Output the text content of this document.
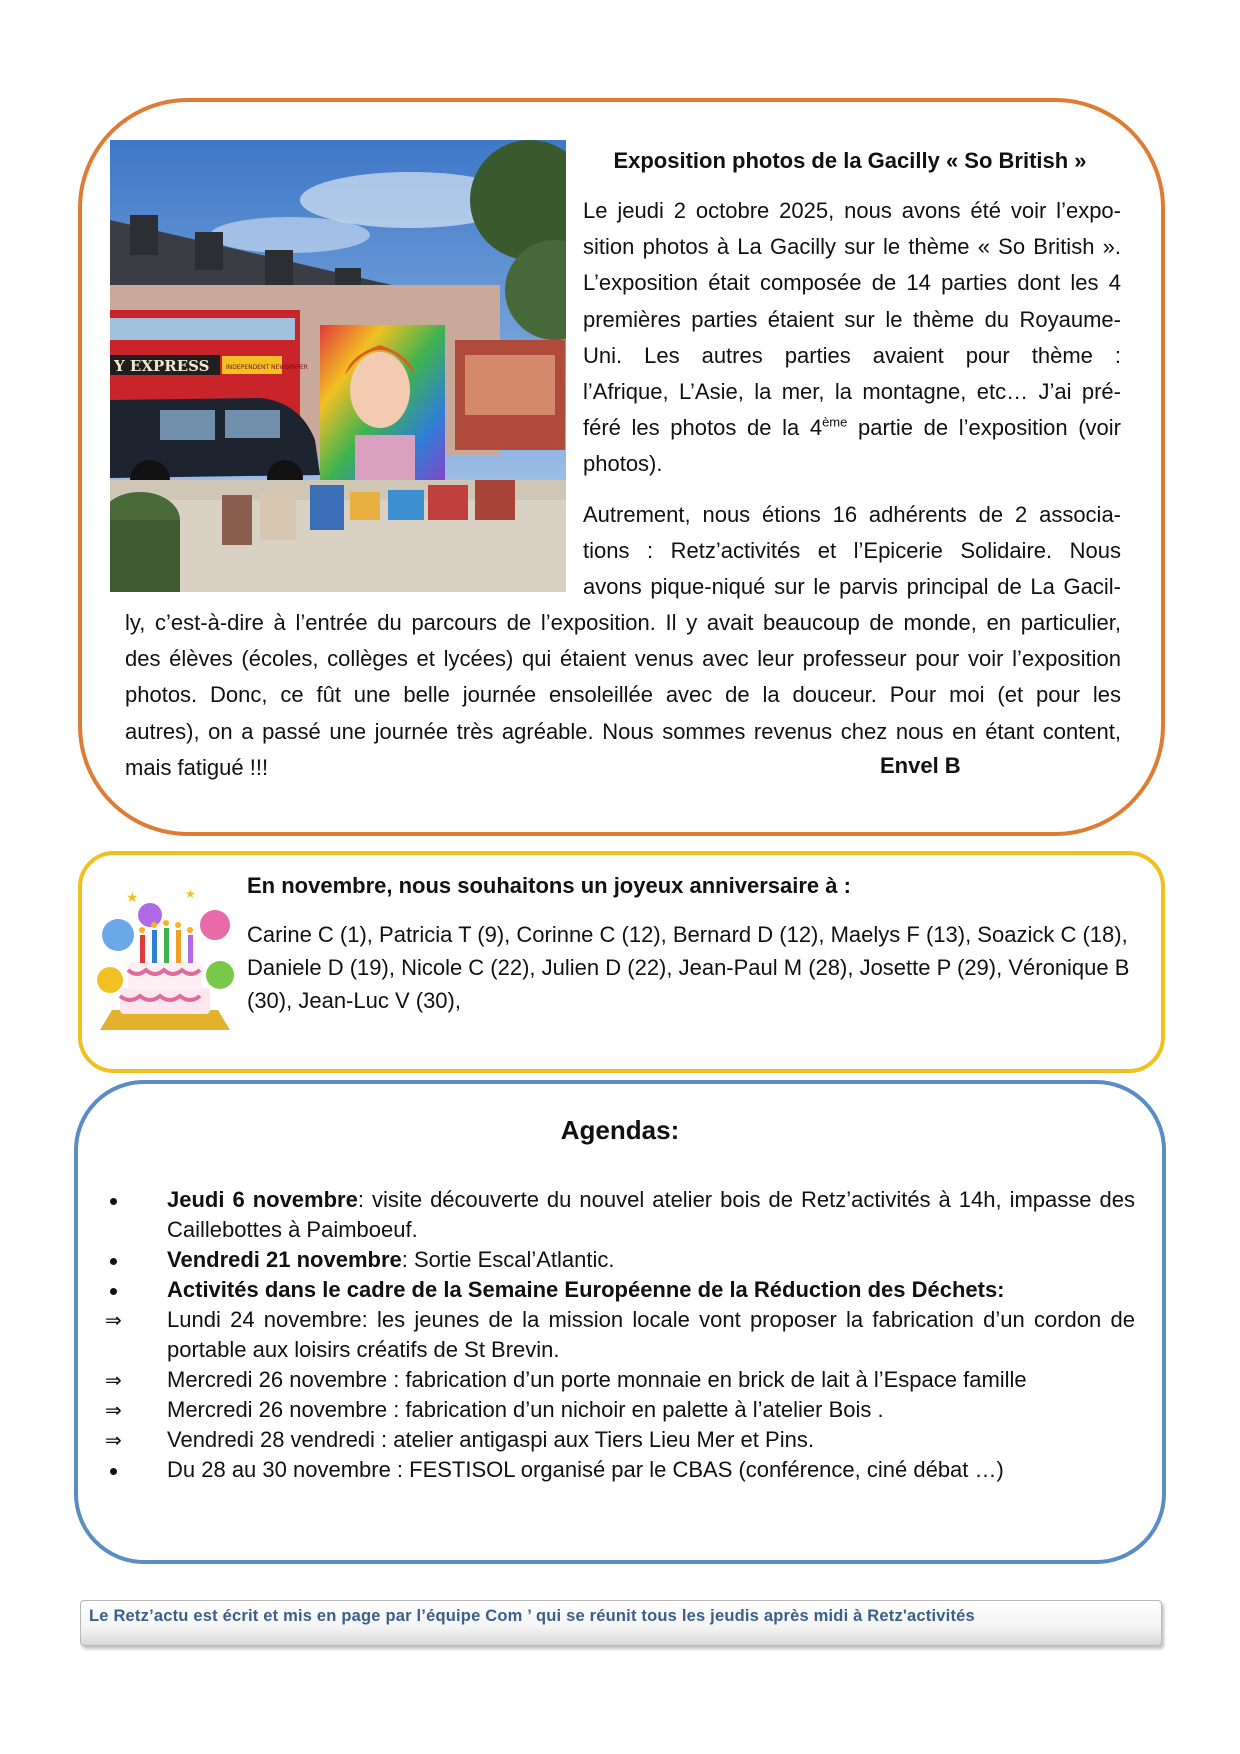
Y EXPRESS	INDEPENDENT NEWSPAPER
Exposition photos de la Gacilly « So British »
Le jeudi 2 octobre 2025, nous avons été voir l’expo-
sition photos à La Gacilly sur le thème « So British ».
L’exposition était composée de 14 parties dont les 4
premières parties étaient sur le thème du Royaume-
Uni. Les autres parties avaient pour thème :
l’Afrique, L’Asie, la mer, la montagne, etc… J’ai pré-
féré les photos de la 4ème partie de l’exposition (voir
photos).
Autrement, nous étions 16 adhérents de 2 associa-
tions : Retz’activités et l’Epicerie Solidaire. Nous
avons pique-niqué sur le parvis principal de La Gacil-
ly, c’est-à-dire à l’entrée du parcours de l’exposition. Il y avait beaucoup de monde, en particulier,
des élèves (écoles, collèges et lycées) qui étaient venus avec leur professeur pour voir l’exposition
photos. Donc, ce fût une belle journée ensoleillée avec de la douceur. Pour moi (et pour les
autres), on a passé une journée très agréable. Nous sommes revenus chez nous en étant content,
mais fatigué !!!	Envel B
★	★ En novembre, nous souhaitons un joyeux anniversaire à :
Carine C (1), Patricia T (9), Corinne C (12), Bernard D (12), Maelys F (13), Soazick C (18), Daniele D (19), Nicole C (22), Julien D (22), Jean-Paul M (28), Josette P (29), Véronique B (30), Jean-Luc V (30),
Agendas:
Jeudi 6 novembre: visite découverte du nouvel atelier bois de Retz’activités à 14h, impasse des Caillebottes à Paimboeuf.
Vendredi 21 novembre: Sortie Escal’Atlantic.
Activités dans le cadre de la Semaine Européenne de la Réduction des Déchets:
⇒	Lundi 24 novembre: les jeunes de la mission locale vont proposer la fabrication d’un cordon de portable aux loisirs créatifs de St Brevin.
⇒	Mercredi 26 novembre : fabrication d’un porte monnaie en brick de lait à l’Espace famille
⇒	Mercredi 26 novembre : fabrication d’un nichoir en palette à l’atelier Bois .
⇒	Vendredi 28 vendredi : atelier antigaspi aux Tiers Lieu Mer et Pins.
Du 28 au 30 novembre : FESTISOL organisé par le CBAS (conférence, ciné débat …)
Le Retz’actu est écrit et mis en page par l’équipe Com ’ qui se réunit tous les jeudis après midi à Retz'activités
